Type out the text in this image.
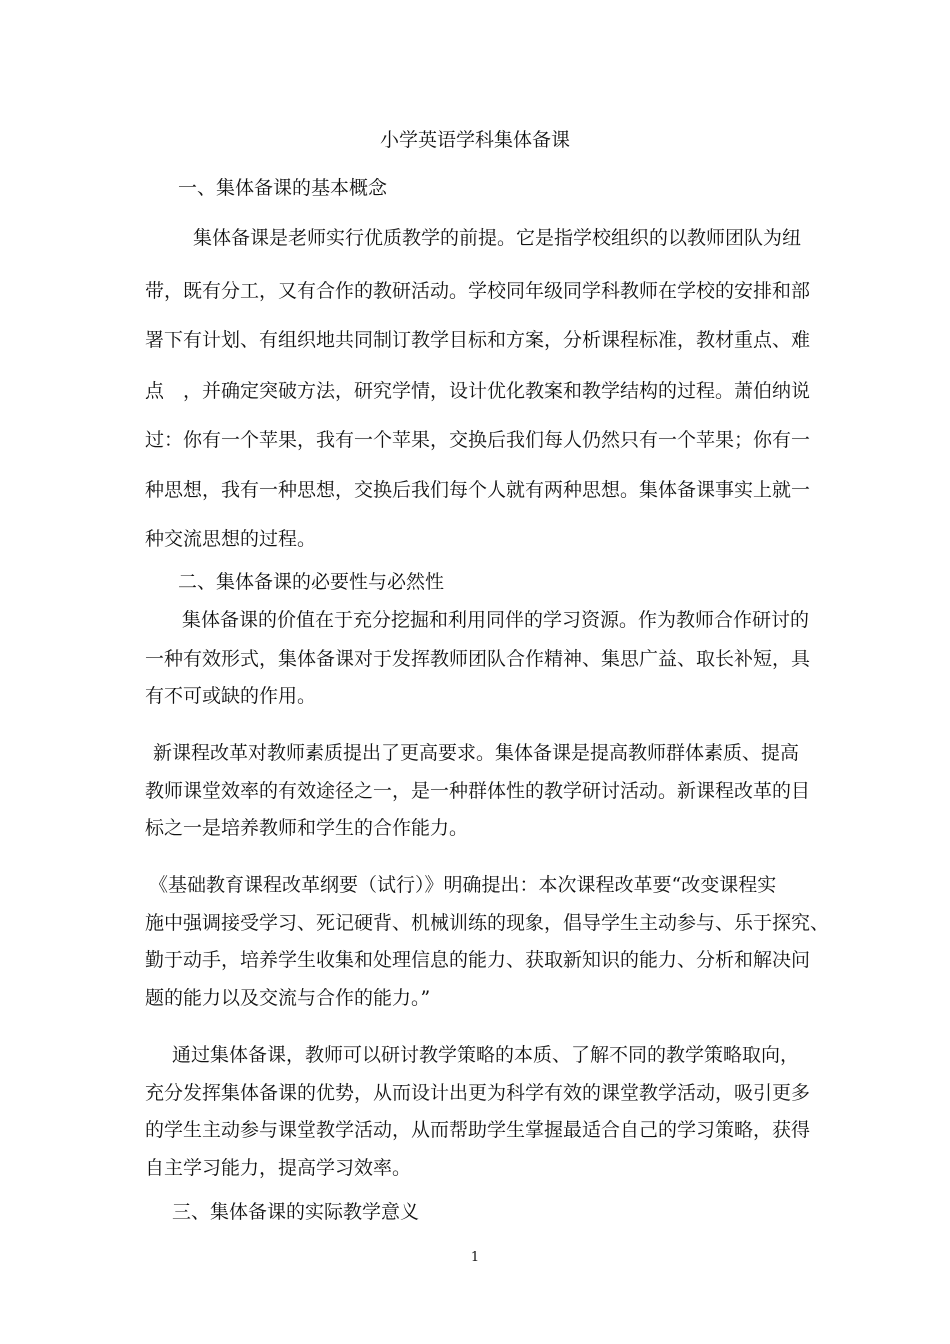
小学英语学科集体备课
一、集体备课的基本概念
集体备课是老师实行优质教学的前提。它是指学校组织的以教师团队为纽
带，既有分工，又有合作的教研活动。学校同年级同学科教师在学校的安排和部
署下有计划、有组织地共同制订教学目标和方案，分析课程标准，教材重点、难
点　，并确定突破方法，研究学情，设计优化教案和教学结构的过程。萧伯纳说
过：你有一个苹果，我有一个苹果，交换后我们每人仍然只有一个苹果；你有一
种思想，我有一种思想，交换后我们每个人就有两种思想。集体备课事实上就一
种交流思想的过程。
二、集体备课的必要性与必然性
集体备课的价值在于充分挖掘和利用同伴的学习资源。作为教师合作研讨的
一种有效形式，集体备课对于发挥教师团队合作精神、集思广益、取长补短，具
有不可或缺的作用。
新课程改革对教师素质提出了更高要求。集体备课是提高教师群体素质、提高
教师课堂效率的有效途径之一，是一种群体性的教学研讨活动。新课程改革的目
标之一是培养教师和学生的合作能力。
《基础教育课程改革纲要（试行）》明确提出：本次课程改革要“改变课程实
施中强调接受学习、死记硬背、机械训练的现象，倡导学生主动参与、乐于探究、
勤于动手，培养学生收集和处理信息的能力、获取新知识的能力、分析和解决问
题的能力以及交流与合作的能力。”
通过集体备课，教师可以研讨教学策略的本质、了解不同的教学策略取向，
充分发挥集体备课的优势，从而设计出更为科学有效的课堂教学活动，吸引更多
的学生主动参与课堂教学活动，从而帮助学生掌握最适合自己的学习策略，获得
自主学习能力，提高学习效率。
三、集体备课的实际教学意义
1
